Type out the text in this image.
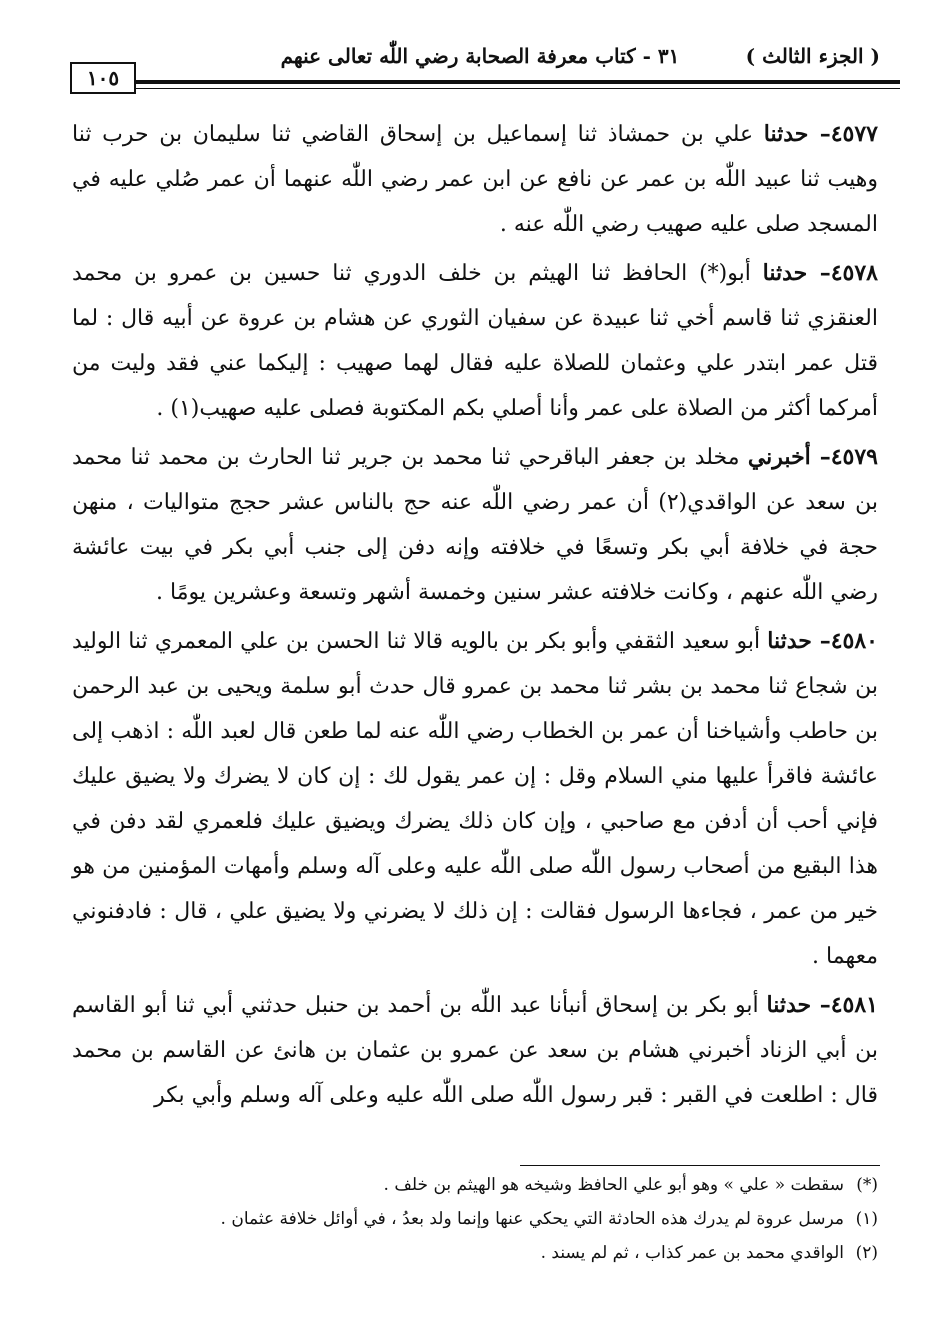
( الجزء الثالث )
٣١ - كتاب معرفة الصحابة رضي اللّٰه تعالى عنهم
١٠٥

٤٥٧٧– حدثنا علي بن حمشاذ ثنا إسماعيل بن إسحاق القاضي ثنا سليمان بن حرب ثنا وهيب ثنا عبيد اللّٰه بن عمر عن نافع عن ابن عمر رضي اللّٰه عنهما أن عمر صُلي عليه في المسجد صلى عليه صهيب رضي اللّٰه عنه .

٤٥٧٨– حدثنا أبو(*) الحافظ ثنا الهيثم بن خلف الدوري ثنا حسين بن عمرو بن محمد العنقزي ثنا قاسم أخي ثنا عبيدة عن سفيان الثوري عن هشام بن عروة عن أبيه قال : لما قتل عمر ابتدر علي وعثمان للصلاة عليه فقال لهما صهيب : إليكما عني فقد وليت من أمركما أكثر من الصلاة على عمر وأنا أصلي بكم المكتوبة فصلى عليه صهيب(١) .

٤٥٧٩– أخبرني مخلد بن جعفر الباقرحي ثنا محمد بن جرير ثنا الحارث بن محمد ثنا محمد بن سعد عن الواقدي(٢) أن عمر رضي اللّٰه عنه حج بالناس عشر حجج متواليات ، منهن حجة في خلافة أبي بكر وتسعًا في خلافته وإنه دفن إلى جنب أبي بكر في بيت عائشة رضي اللّٰه عنهم ، وكانت خلافته عشر سنين وخمسة أشهر وتسعة وعشرين يومًا .

٤٥٨٠– حدثنا أبو سعيد الثقفي وأبو بكر بن بالويه قالا ثنا الحسن بن علي المعمري ثنا الوليد بن شجاع ثنا محمد بن بشر ثنا محمد بن عمرو قال حدث أبو سلمة ويحيى بن عبد الرحمن بن حاطب وأشياخنا أن عمر بن الخطاب رضي اللّٰه عنه لما طعن قال لعبد اللّٰه : اذهب إلى عائشة فاقرأ عليها مني السلام وقل : إن عمر يقول لك : إن كان لا يضرك ولا يضيق عليك فإني أحب أن أدفن مع صاحبي ، وإن كان ذلك يضرك ويضيق عليك فلعمري لقد دفن في هذا البقيع من أصحاب رسول اللّٰه صلى اللّٰه عليه وعلى آله وسلم وأمهات المؤمنين من هو خير من عمر ، فجاءها الرسول فقالت : إن ذلك لا يضرني ولا يضيق علي ، قال : فادفنوني معهما .

٤٥٨١– حدثنا أبو بكر بن إسحاق أنبأنا عبد اللّٰه بن أحمد بن حنبل حدثني أبي ثنا أبو القاسم بن أبي الزناد أخبرني هشام بن سعد عن عمرو بن عثمان بن هانئ عن القاسم بن محمد قال : اطلعت في القبر : قبر رسول اللّٰه صلى اللّٰه عليه وعلى آله وسلم وأبي بكر

(*)سقطت « علي » وهو أبو علي الحافظ وشيخه هو الهيثم بن خلف .

(١)مرسل عروة لم يدرك هذه الحادثة التي يحكي عنها وإنما ولد بعدُ ، في أوائل خلافة عثمان .

(٢)الواقدي محمد بن عمر كذاب ، ثم لم يسند .
